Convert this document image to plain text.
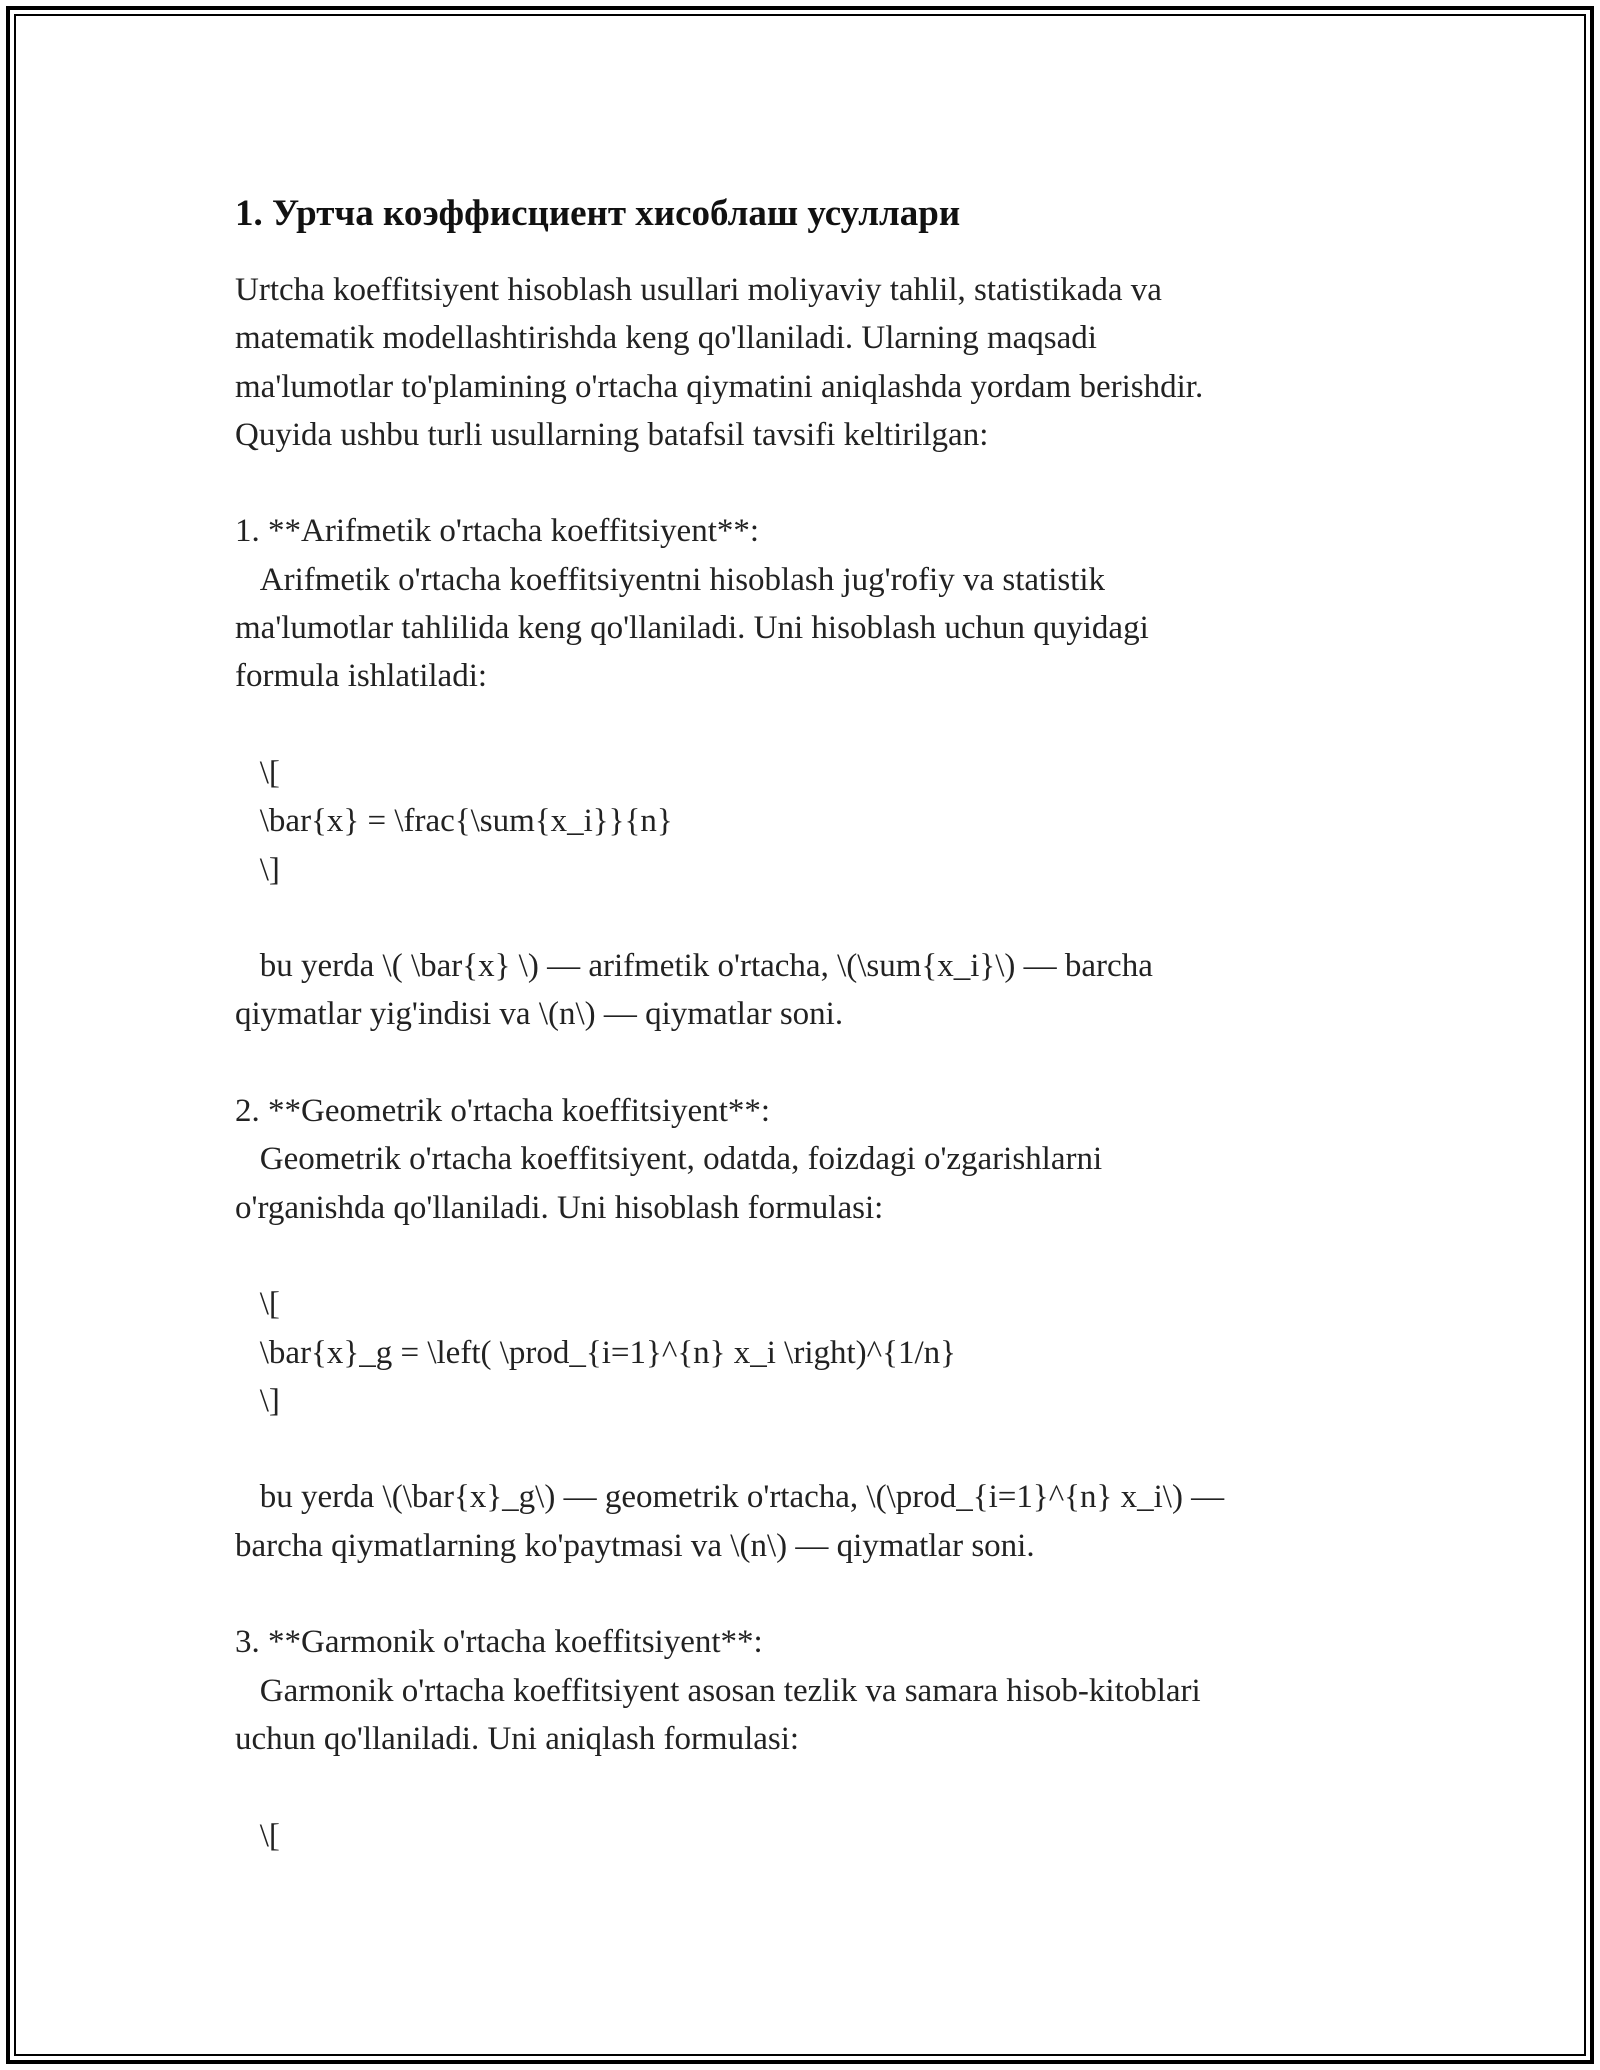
1. Уртча коэффисциент хисоблаш усуллари

Urtcha koeffitsiyent hisoblash usullari moliyaviy tahlil, statistikada va
matematik modellashtirishda keng qo'llaniladi. Ularning maqsadi
ma'lumotlar to'plamining o'rtacha qiymatini aniqlashda yordam berishdir.
Quyida ushbu turli usullarning batafsil tavsifi keltirilgan:

1. **Arifmetik o'rtacha koeffitsiyent**:
Arifmetik o'rtacha koeffitsiyentni hisoblash jug'rofiy va statistik
ma'lumotlar tahlilida keng qo'llaniladi. Uni hisoblash uchun quyidagi
formula ishlatiladi:

\[
\bar{x} = \frac{\sum{x_i}}{n}
\]

bu yerda \( \bar{x} \) — arifmetik o'rtacha, \(\sum{x_i}\) — barcha
qiymatlar yig'indisi va \(n\) — qiymatlar soni.

2. **Geometrik o'rtacha koeffitsiyent**:
Geometrik o'rtacha koeffitsiyent, odatda, foizdagi o'zgarishlarni
o'rganishda qo'llaniladi. Uni hisoblash formulasi:

\[
\bar{x}_g = \left( \prod_{i=1}^{n} x_i \right)^{1/n}
\]

bu yerda \(\bar{x}_g\) — geometrik o'rtacha, \(\prod_{i=1}^{n} x_i\) —
barcha qiymatlarning ko'paytmasi va \(n\) — qiymatlar soni.

3. **Garmonik o'rtacha koeffitsiyent**:
Garmonik o'rtacha koeffitsiyent asosan tezlik va samara hisob-kitoblari
uchun qo'llaniladi. Uni aniqlash formulasi:

\[
